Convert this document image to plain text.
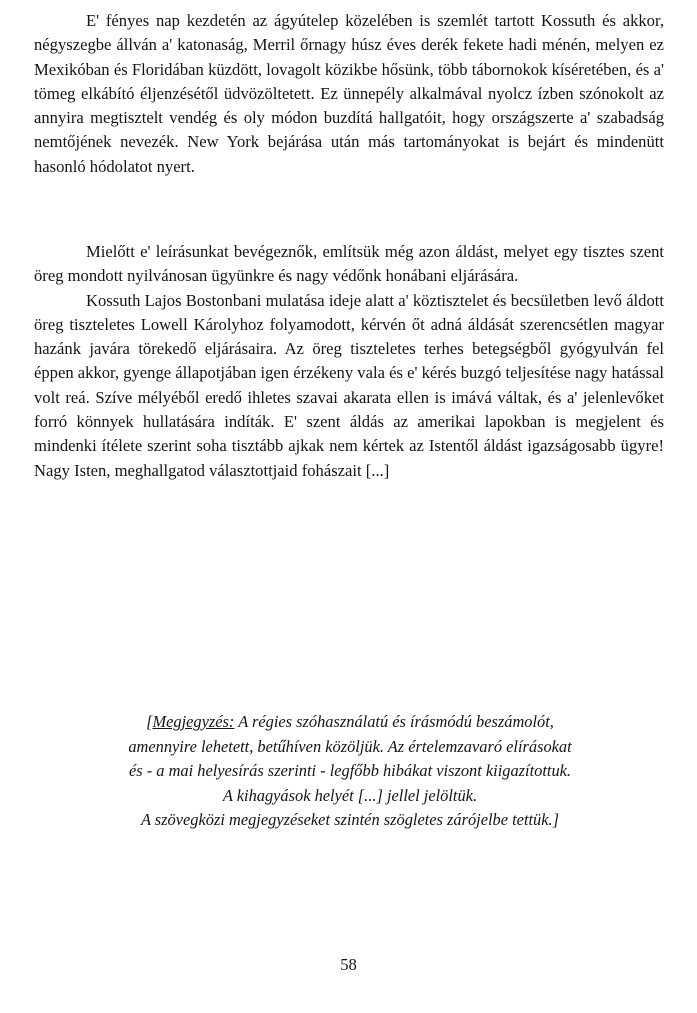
E' fényes nap kezdetén az ágyútelep közelében is szemlét tartott Kossuth és akkor, négyszegbe állván a' katonaság, Merril őrnagy húsz éves derék fekete hadi ménén, melyen ez Mexikóban és Floridában küzdött, lovagolt közikbe hősünk, több tábornokok kíséretében, és a' tömeg elkábító éljenzésétől üdvözöltetett. Ez ünnepély alkalmával nyolcz ízben szónokolt az annyira megtisztelt vendég és oly módon buzdítá hallgatóit, hogy országszerte a' szabadság nemtőjének nevezék. New York bejárása után más tartományokat is bejárt és mindenütt hasonló hódolatot nyert.

Mielőtt e' leírásunkat bevégeznők, említsük még azon áldást, melyet egy tisztes szent öreg mondott nyilvánosan ügyünkre és nagy védőnk honábani eljárására.

Kossuth Lajos Bostonbani mulatása ideje alatt a' köztisztelet és becsületben levő áldott öreg tiszteletes Lowell Károlyhoz folyamodott, kérvén őt adná áldását szerencsétlen magyar hazánk javára törekedő eljárásaira. Az öreg tiszteletes terhes betegségből gyógyulván fel éppen akkor, gyenge állapotjában igen érzékeny vala és e' kérés buzgó teljesítése nagy hatással volt reá. Szíve mélyéből eredő ihletes szavai akarata ellen is imává váltak, és a' jelenlevőket forró könnyek hullatására indíták. E' szent áldás az amerikai lapokban is megjelent és mindenki ítélete szerint soha tisztább ajkak nem kértek az Istentől áldást igazságosabb ügyre! Nagy Isten, meghallgatod választottjaid fohászait [...]

[Megjegyzés: A régies szóhasználatú és írásmódú beszámolót,

amennyire lehetett, betűhíven közöljük. Az értelemzavaró elírásokat

és - a mai helyesírás szerinti - legfőbb hibákat viszont kiigazítottuk.

A kihagyások helyét [...] jellel jelöltük.

A szövegközi megjegyzéseket szintén szögletes zárójelbe tettük.]

58
